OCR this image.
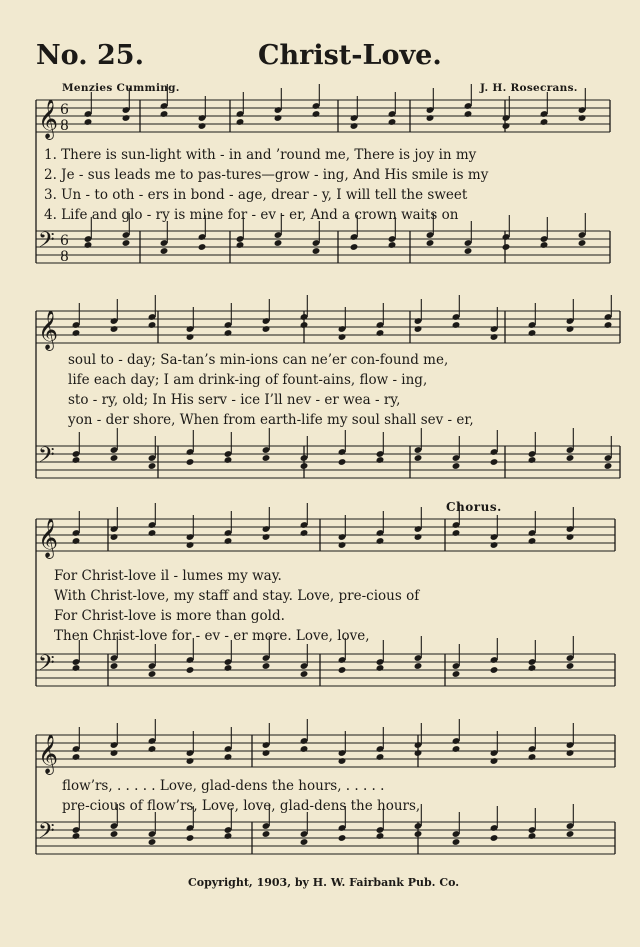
No. 25.	Christ-Love.
Menzies Cumming.	J. H. Rosecrans.
𝄞
𝄢
6
8
6
8
𝄞
𝄢
𝄞
𝄢
𝄞
𝄢
1. There is sun-light with - in and ’round me, There is joy in my
2. Je - sus leads me to pas-tures—grow - ing, And His smile is my
3. Un - to oth - ers in bond - age, drear - y, I will tell the sweet
4. Life and glo - ry is mine for - ev - er, And a crown waits on
soul to - day; Sa-tan’s min-ions can ne’er con-found me,
life each day; I am drink-ing of fount-ains, flow - ing,
sto - ry, old; In His serv - ice I’ll nev - er wea - ry,
yon - der shore, When from earth-life my soul shall sev - er,
Chorus.
For Christ-love il - lumes my way.
With Christ-love, my staff and stay. Love, pre-cious of
For Christ-love is more than gold.
Then Christ-love for - ev - er more. Love, love,
flow’rs, . . . . . Love, glad-dens the hours, . . . . .
pre-cious of flow’rs, Love, love, glad-dens the hours,
Copyright, 1903, by H. W. Fairbank Pub. Co.
